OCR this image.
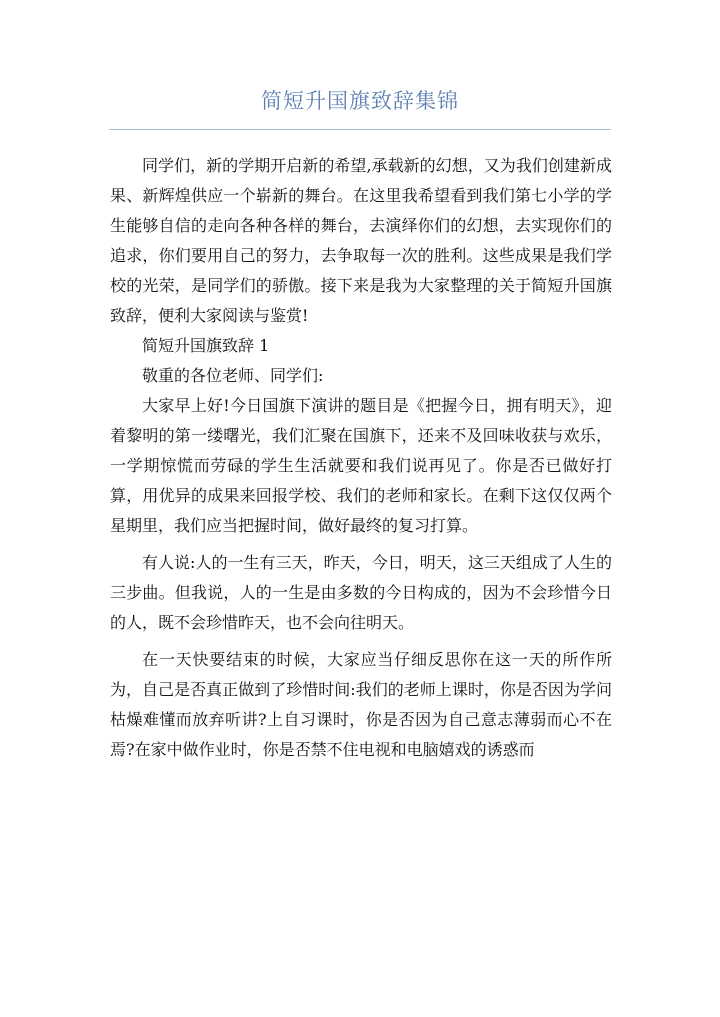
简短升国旗致辞集锦

同学们，新的学期开启新的希望,承载新的幻想，又为我们创建新成果、新辉煌供应一个崭新的舞台。在这里我希望看到我们第七小学的学生能够自信的走向各种各样的舞台，去演绎你们的幻想，去实现你们的追求，你们要用自己的努力，去争取每一次的胜利。这些成果是我们学校的光荣，是同学们的骄傲。接下来是我为大家整理的关于简短升国旗致辞，便利大家阅读与鉴赏!

简短升国旗致辞 1

敬重的各位老师、同学们:

大家早上好!今日国旗下演讲的题目是《把握今日，拥有明天》，迎着黎明的第一缕曙光，我们汇聚在国旗下，还来不及回味收获与欢乐，一学期惊慌而劳碌的学生生活就要和我们说再见了。你是否已做好打算，用优异的成果来回报学校、我们的老师和家长。在剩下这仅仅两个星期里，我们应当把握时间，做好最终的复习打算。

有人说:人的一生有三天，昨天，今日，明天，这三天组成了人生的三步曲。但我说，人的一生是由多数的今日构成的，因为不会珍惜今日的人，既不会珍惜昨天，也不会向往明天。

在一天快要结束的时候，大家应当仔细反思你在这一天的所作所为，自己是否真正做到了珍惜时间:我们的老师上课时，你是否因为学问枯燥难懂而放弃听讲?上自习课时，你是否因为自己意志薄弱而心不在焉?在家中做作业时，你是否禁不住电视和电脑嬉戏的诱惑而
